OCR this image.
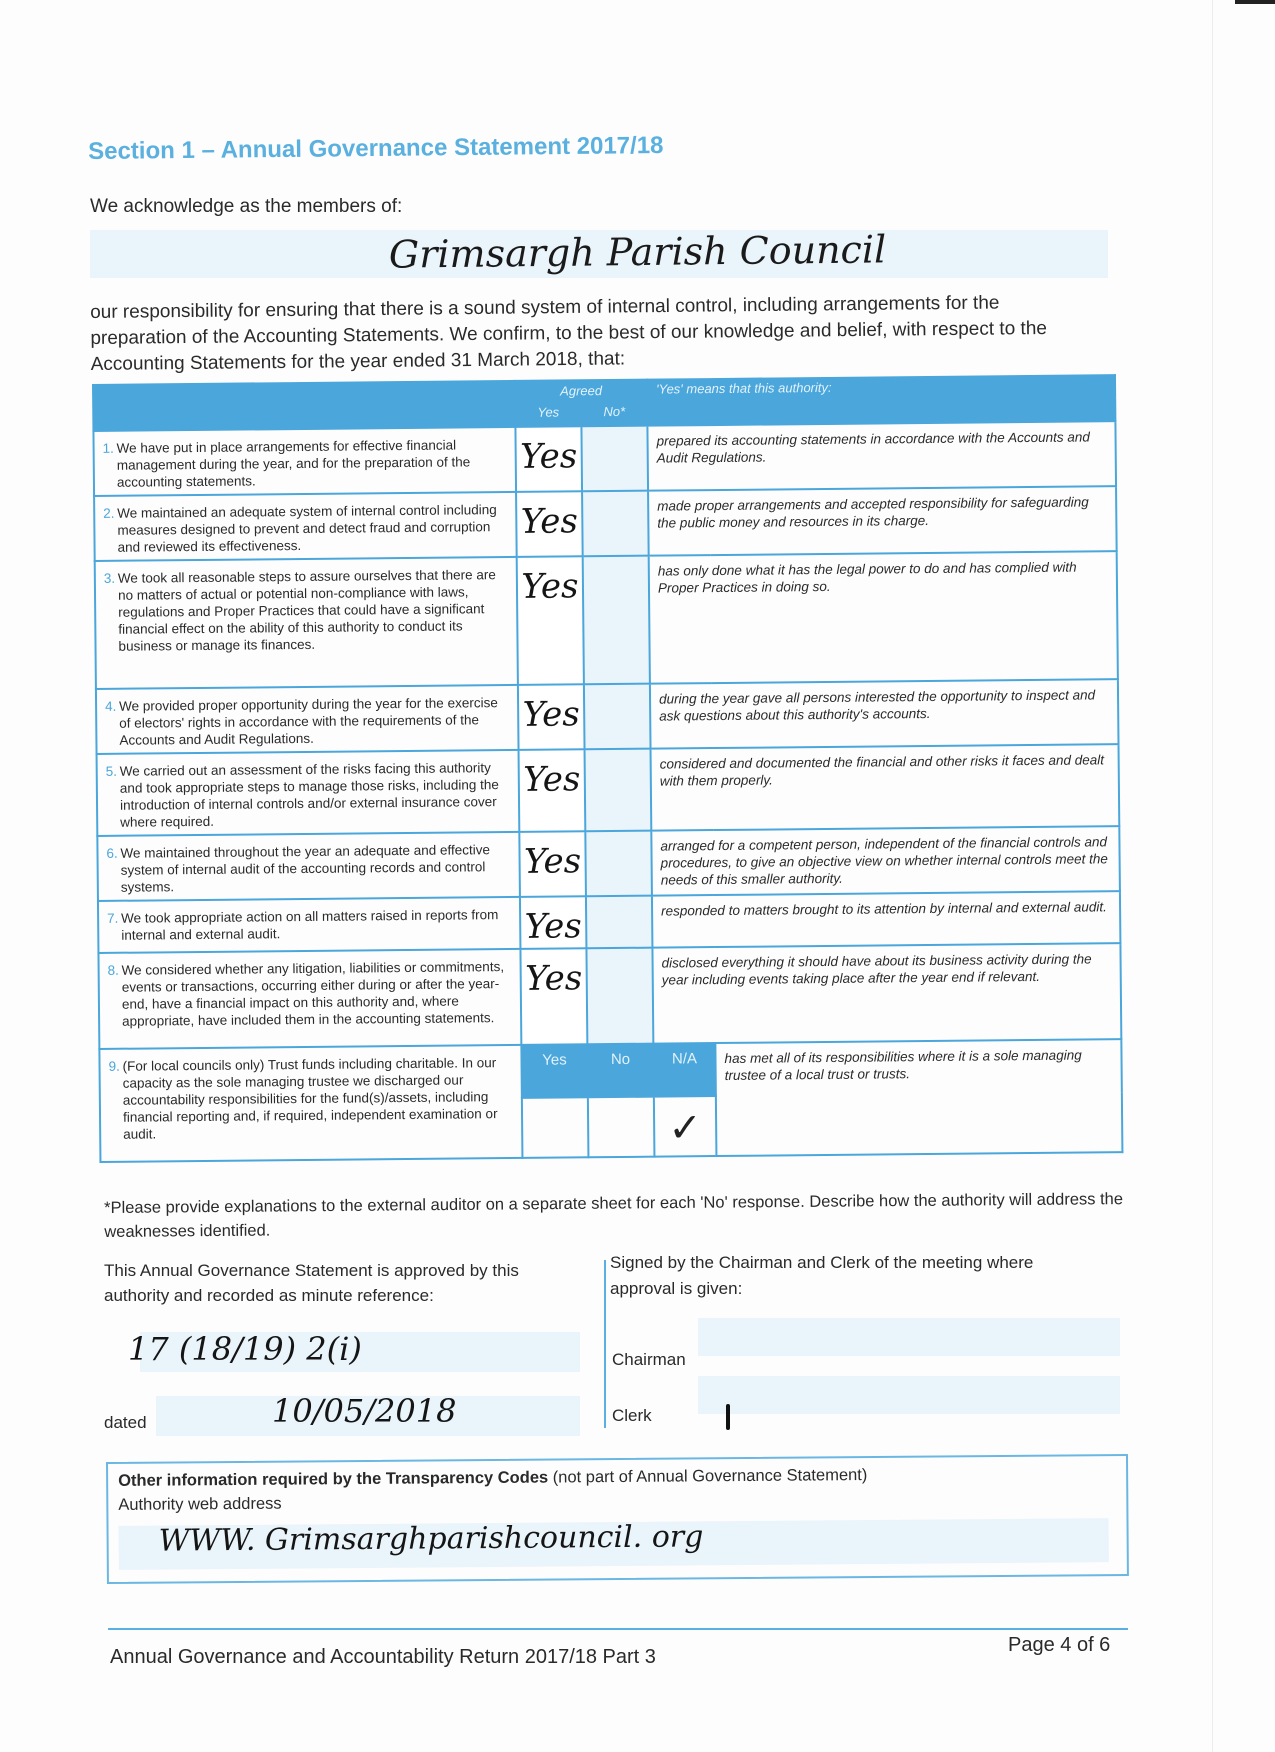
Section 1 – Annual Governance Statement 2017/18
We acknowledge as the members of:
Grimsargh Parish Council
our responsibility for ensuring that there is a sound system of internal control, including arrangements for the preparation of the Accounting Statements. We confirm, to the best of our knowledge and belief, with respect to the Accounting Statements for the year ended 31 March 2018, that:
	Agreed		'Yes' means that this authority:	
	Yes	No*		

1. We have put in place arrangements for effective financial management during the year, and for the preparation of the accounting statements.	Yes		prepared its accounting statements in accordance with the Accounts and Audit Regulations.	

2. We maintained an adequate system of internal control including measures designed to prevent and detect fraud and corruption and reviewed its effectiveness.	Yes		made proper arrangements and accepted responsibility for safeguarding the public money and resources in its charge.	

3. We took all reasonable steps to assure ourselves that there are no matters of actual or potential non-compliance with laws, regulations and Proper Practices that could have a significant financial effect on the ability of this authority to conduct its business or manage its finances.	Yes		has only done what it has the legal power to do and has complied with Proper Practices in doing so.	

4. We provided proper opportunity during the year for the exercise of electors' rights in accordance with the requirements of the Accounts and Audit Regulations.	Yes		during the year gave all persons interested the opportunity to inspect and ask questions about this authority's accounts.	

5. We carried out an assessment of the risks facing this authority and took appropriate steps to manage those risks, including the introduction of internal controls and/or external insurance cover where required.	Yes		considered and documented the financial and other risks it faces and dealt with them properly.	

6. We maintained throughout the year an adequate and effective system of internal audit of the accounting records and control systems.	Yes		arranged for a competent person, independent of the financial controls and procedures, to give an objective view on whether internal controls meet the needs of this smaller authority.	

7. We took appropriate action on all matters raised in reports from internal and external audit.	Yes		responded to matters brought to its attention by internal and external audit.	

8. We considered whether any litigation, liabilities or commitments, events or transactions, occurring either during or after the year-end, have a financial impact on this authority and, where appropriate, have included them in the accounting statements.	Yes		disclosed everything it should have about its business activity during the year including events taking place after the year end if relevant.	

9. (For local councils only) Trust funds including charitable. In our capacity as the sole managing trustee we discharged our accountability responsibilities for the fund(s)/assets, including financial reporting and, if required, independent examination or audit.	Yes	No	N/A	has met all of its responsibilities where it is a sole managing trustee of a local trust or trusts.
			✓	
*Please provide explanations to the external auditor on a separate sheet for each 'No' response. Describe how the authority will address the weaknesses identified.
This Annual Governance Statement is approved by this authority and recorded as minute reference:
17 (18/19) 2(i)
dated	10/05/2018
Signed by the Chairman and Clerk of the meeting where approval is given:
Chairman
Clerk
Other information required by the Transparency Codes (not part of Annual Governance Statement)
Authority web address
WWW. Grimsarghparishcouncil. org
Annual Governance and Accountability Return 2017/18 Part 3
Page 4 of 6
